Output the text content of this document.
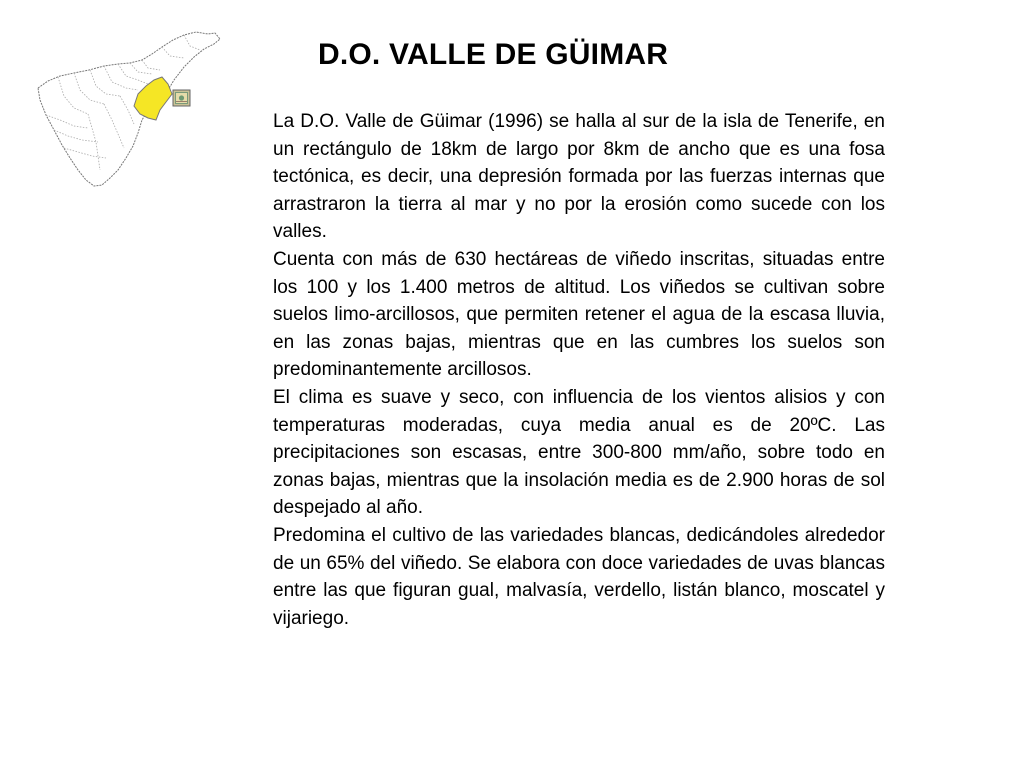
D.O. VALLE DE GÜIMAR

La D.O. Valle de Güimar (1996) se halla al sur de la isla de Tenerife, en un rectángulo de 18km de largo por 8km de ancho que es una fosa tectónica, es decir, una depresión formada por las fuerzas internas que arrastraron la tierra al mar y no por la erosión como sucede con los valles.

Cuenta con más de 630 hectáreas de viñedo inscritas, situadas entre los 100 y los 1.400 metros de altitud. Los viñedos se cultivan sobre suelos limo-arcillosos, que permiten retener el agua de la escasa lluvia, en las zonas bajas, mientras que en las cumbres los suelos son predominantemente arcillosos.

El clima es suave y seco, con influencia de los vientos alisios y con temperaturas moderadas, cuya media anual es de 20ºC. Las precipitaciones son escasas, entre 300-800 mm/año, sobre todo en zonas bajas, mientras que la insolación media es de 2.900 horas de sol despejado al año.

Predomina el cultivo de las variedades blancas, dedicándoles alrededor de un 65% del viñedo. Se elabora con doce variedades de uvas blancas entre las que figuran gual, malvasía, verdello, listán blanco, moscatel y vijariego.
